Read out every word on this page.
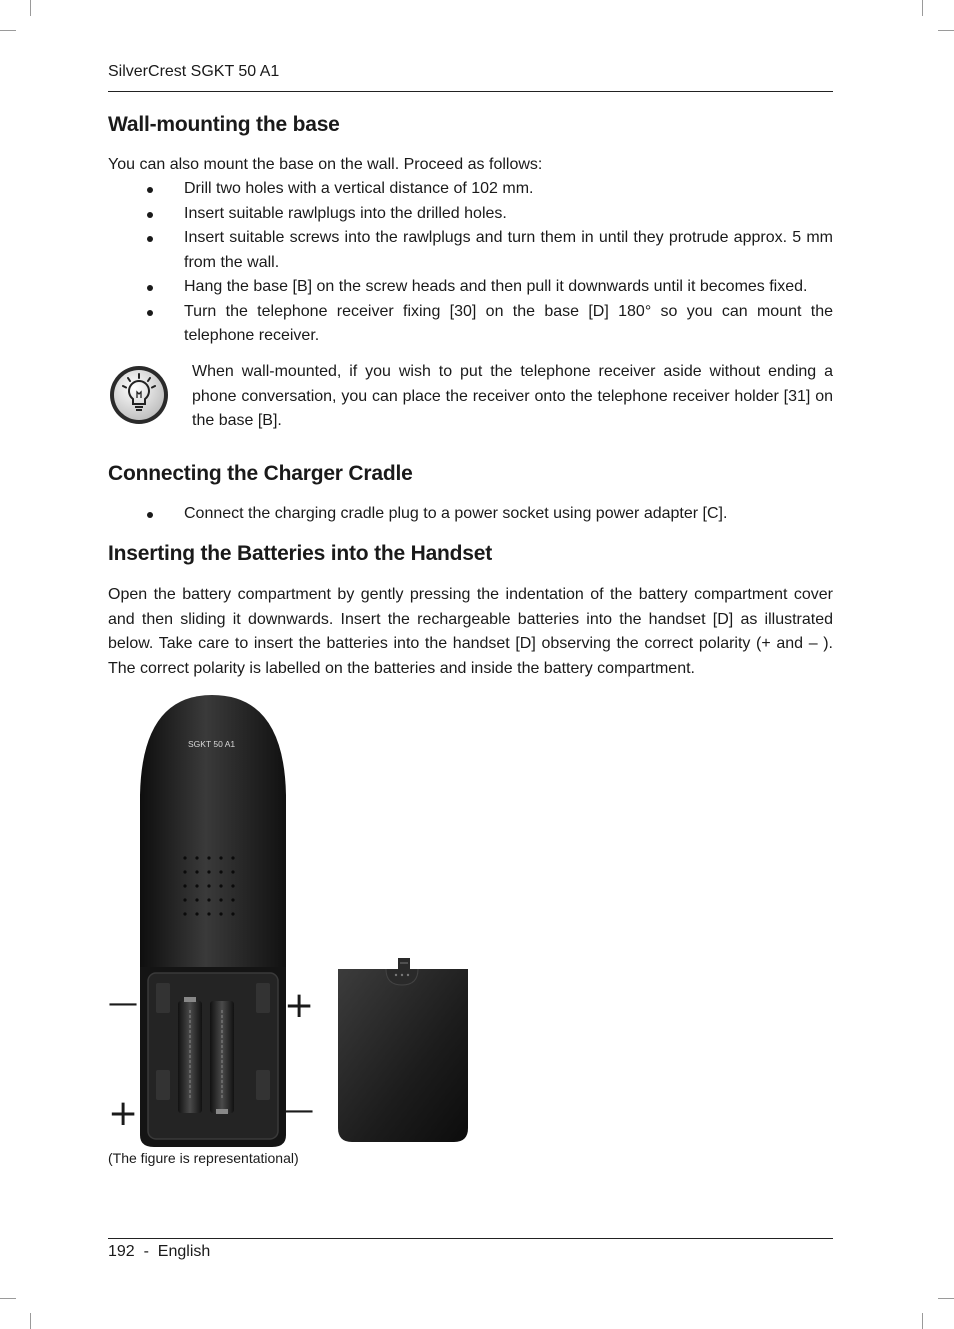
SilverCrest SGKT 50 A1
Wall-mounting the base

You can also mount the base on the wall. Proceed as follows:

Drill two holes with a vertical distance of 102 mm.
Insert suitable rawlplugs into the drilled holes.
Insert suitable screws into the rawlplugs and turn them in until they protrude approx. 5 mm from the wall.
Hang the base [B] on the screw heads and then pull it downwards until it becomes fixed.
Turn the telephone receiver fixing [30] on the base [D] 180° so you can mount the telephone receiver.

When wall-mounted, if you wish to put the telephone receiver aside without ending a phone conversation, you can place the receiver onto the telephone receiver holder [31] on the base [B].

Connecting the Charger Cradle
Connect the charging cradle plug to a power socket using power adapter [C].
Inserting the Batteries into the Handset

Open the battery compartment by gently pressing the indentation of the battery compartment cover and then sliding it downwards. Insert the rechargeable batteries into the handset [D] as illustrated below. Take care to insert the batteries into the handset [D] observing the correct polarity (+ and – ). The correct polarity is labelled on the batteries and inside the battery compartment.

SGKT 50 A1
—	+
+	—
(The figure is representational)
192  -  English
